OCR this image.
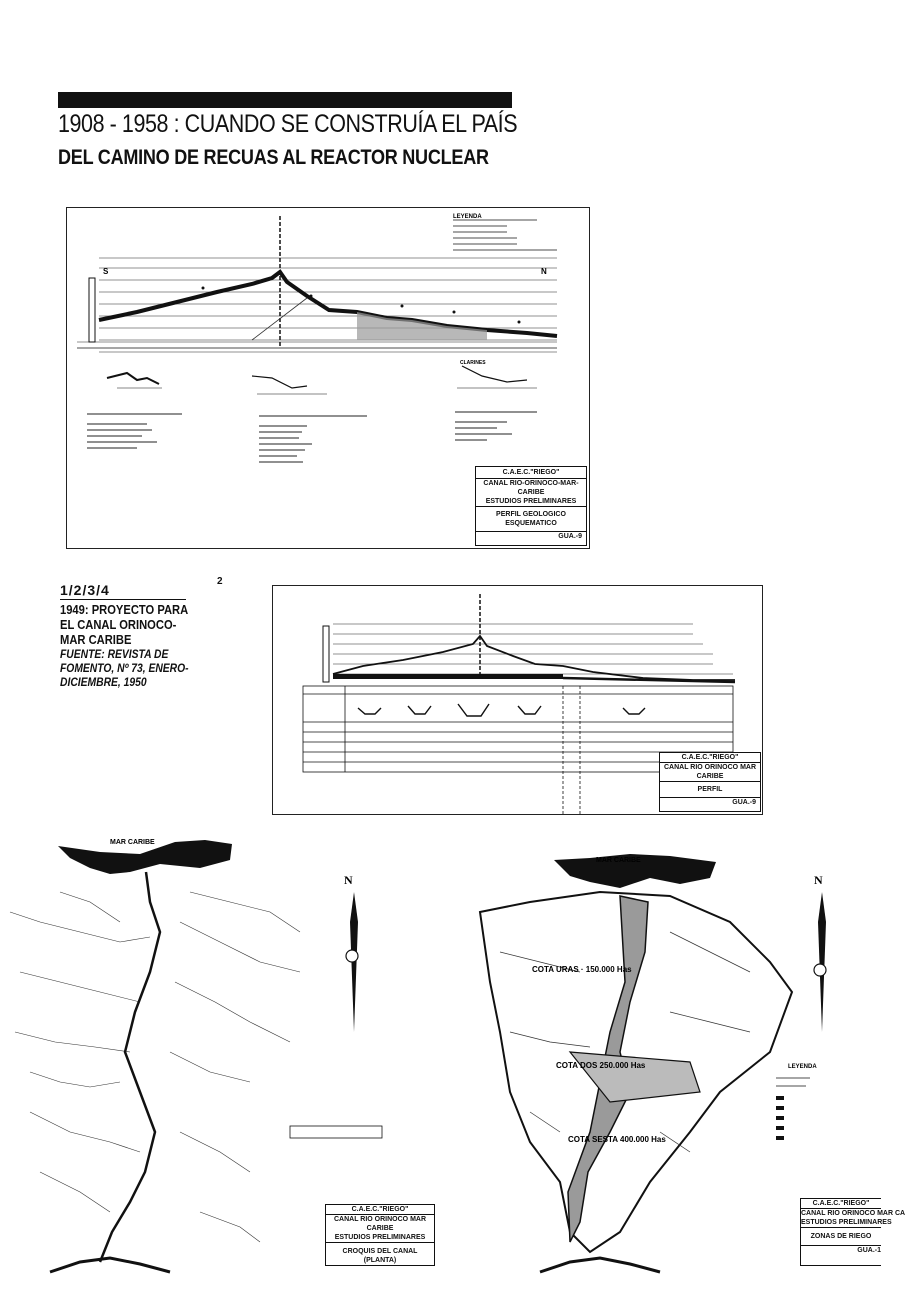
1908 - 1958 : CUANDO SE CONSTRUÍA EL PAÍS
DEL CAMINO DE RECUAS AL REACTOR NUCLEAR
S	N
LEYENDA
CLARINES
C.A.E.C."RIEGO"
CANAL RIO-ORINOCO-MAR-CARIBE
ESTUDIOS PRELIMINARES
PERFIL GEOLOGICO ESQUEMATICO
GUA.-9
1/2/3/4
1949: PROYECTO PARA EL CANAL ORINOCO-MAR CARIBE
FUENTE: REVISTA DE FOMENTO, Nº 73, ENERO-DICIEMBRE, 1950
2
C.A.E.C."RIEGO"
CANAL RIO ORINOCO MAR CARIBE
PERFIL
GUA.-9
MAR CARIBE
N
C.A.E.C."RIEGO"
CANAL RIO ORINOCO MAR CARIBE
ESTUDIOS PRELIMINARES
CROQUIS DEL CANAL
(PLANTA)
MAR CARIBE
COTA URAS · 150.000 Has
COTA DOS 250.000 Has
COTA SESTA 400.000 Has
N
LEYENDA
C.A.E.C."RIEGO"
CANAL RIO ORINOCO MAR CA
ESTUDIOS PRELIMINARES
ZONAS DE RIEGO
GUA.-1
